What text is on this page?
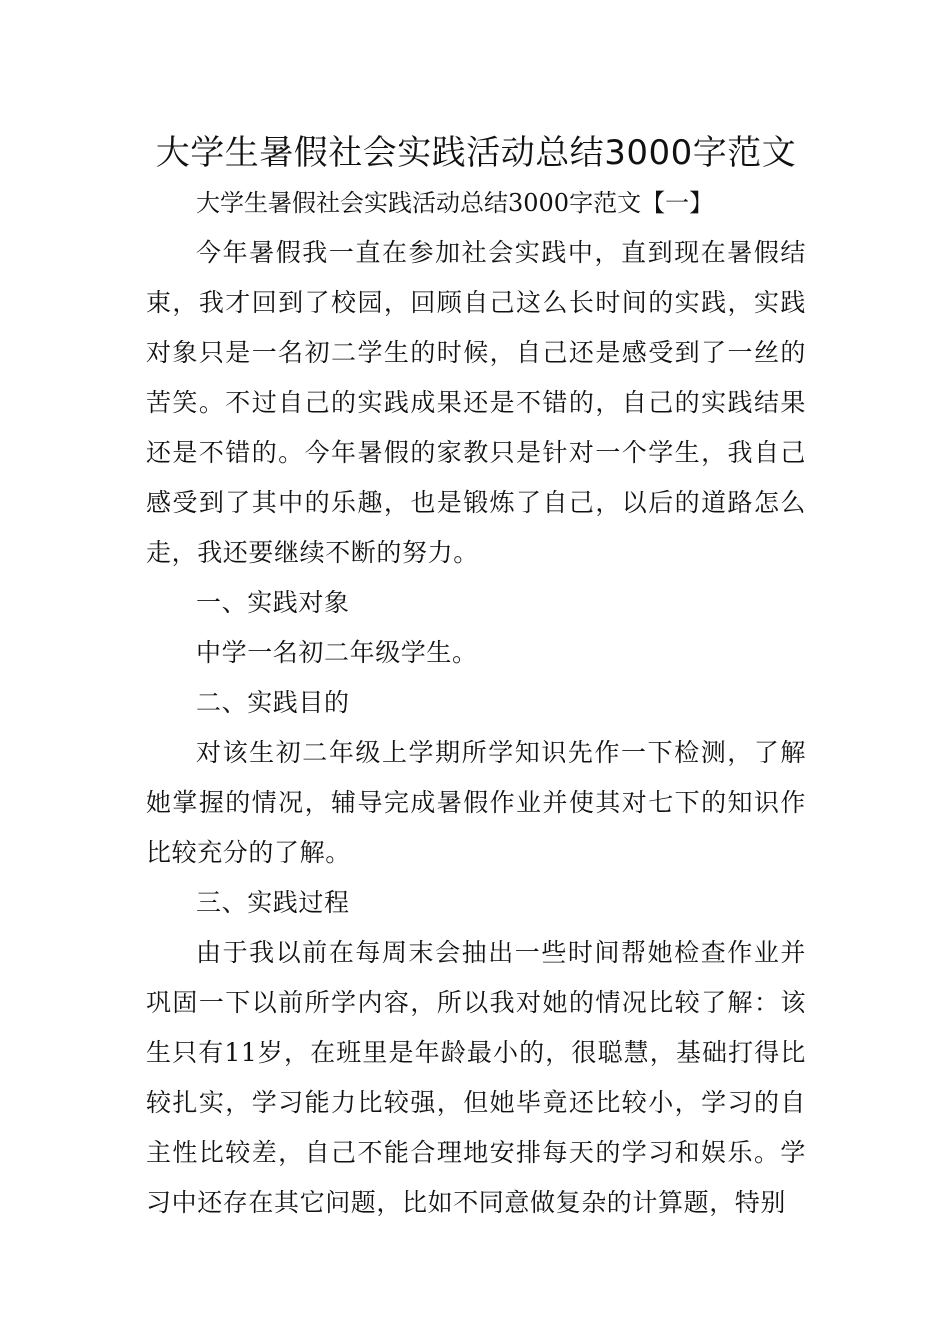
大学生暑假社会实践活动总结3000字范文
大学生暑假社会实践活动总结3000字范文【一】

今年暑假我一直在参加社会实践中，直到现在暑假结束，我才回到了校园，回顾自己这么长时间的实践，实践对象只是一名初二学生的时候，自己还是感受到了一丝的苦笑。不过自己的实践成果还是不错的，自己的实践结果还是不错的。今年暑假的家教只是针对一个学生，我自己感受到了其中的乐趣，也是锻炼了自己，以后的道路怎么走，我还要继续不断的努力。

一、实践对象

中学一名初二年级学生。

二、实践目的

对该生初二年级上学期所学知识先作一下检测，了解她掌握的情况，辅导完成暑假作业并使其对七下的知识作比较充分的了解。

三、实践过程

由于我以前在每周末会抽出一些时间帮她检查作业并巩固一下以前所学内容，所以我对她的情况比较了解：该生只有11岁，在班里是年龄最小的，很聪慧，基础打得比较扎实，学习能力比较强，但她毕竟还比较小，学习的自主性比较差，自己不能合理地安排每天的学习和娱乐。学习中还存在其它问题，比如不同意做复杂的计算题，特别
